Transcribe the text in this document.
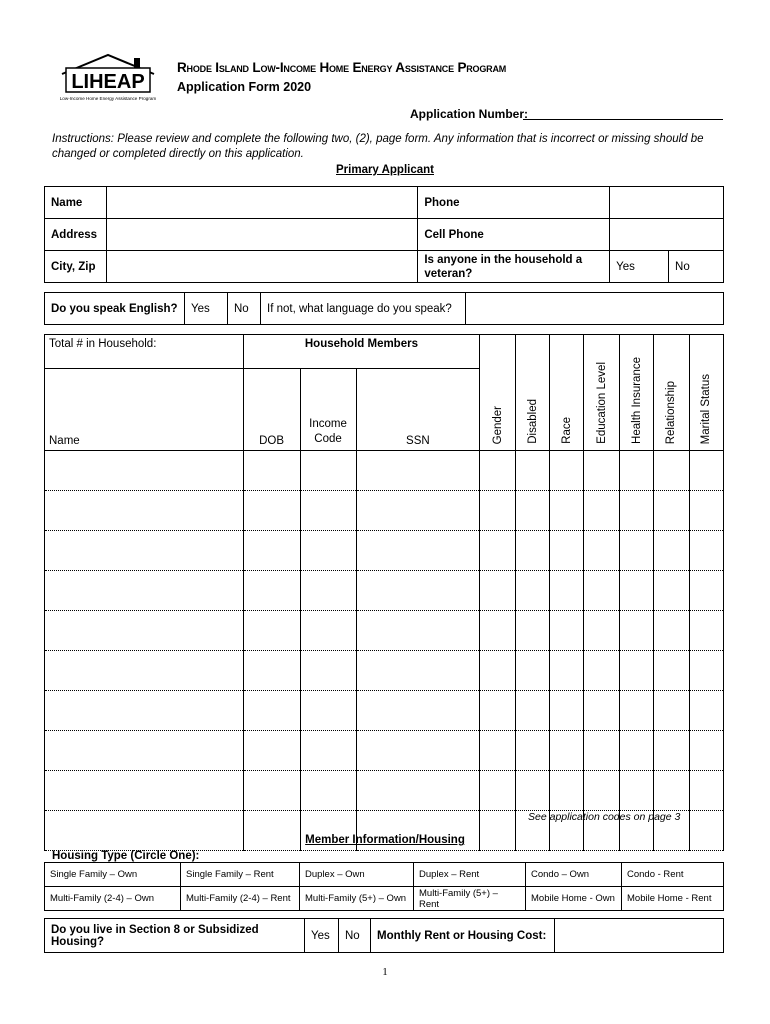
LIHEAP
Low-Income Home Energy Assistance Program
Rhode Island Low-Income Home Energy Assistance Program
Application Form 2020
Application Number:
Instructions: Please review and complete the following two, (2), page form. Any information that is incorrect or missing should be changed or completed directly on this application.
Primary Applicant
Name		Phone		
Address		Cell Phone		
City, Zip		Is anyone in the household a veteran?	Yes	No
Do you speak English?	Yes	No	If not, what language do you speak?	
Total # in Household:	Household Members			Gender	Disabled	Race	Education Level	Health Insurance	Relationship	Marital Status

Name	DOB	Income Code	SSN							

See application codes on page 3
Member Information/Housing
Housing Type (Circle One):
Single Family – Own	Single Family – Rent	Duplex – Own	Duplex – Rent	Condo – Own	Condo - Rent
Multi-Family (2-4) – Own	Multi-Family (2-4) – Rent	Multi-Family (5+) – Own	Multi-Family (5+) – Rent	Mobile Home - Own	Mobile Home - Rent
Do you live in Section 8 or Subsidized Housing?	Yes	No	Monthly Rent or Housing Cost:	
1
